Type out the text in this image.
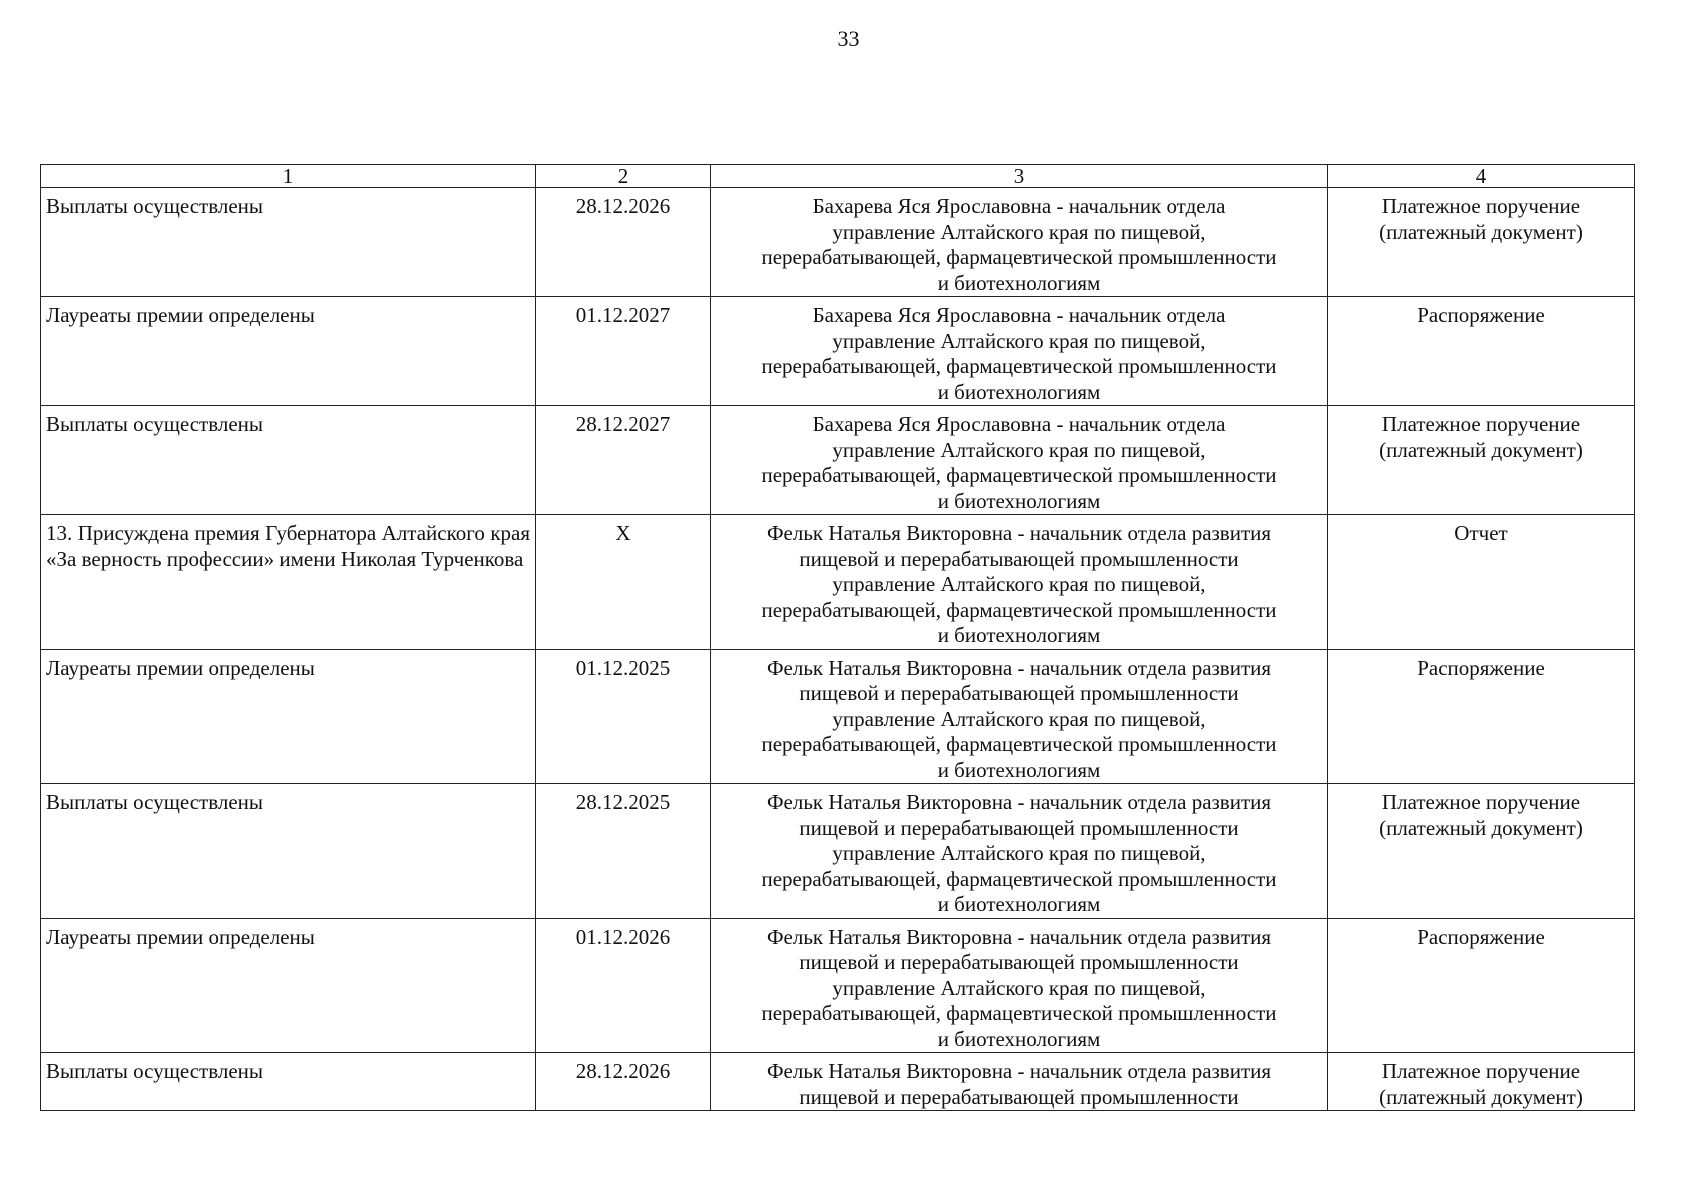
33
1	2	3	4

Выплаты осуществлены	28.12.2026	Бахарева Яся Ярославовна - начальник отдела
управление Алтайского края по пищевой,
перерабатывающей, фармацевтической промышленности
и биотехнологиям	Платежное поручение
(платежный документ)

Лауреаты премии определены	01.12.2027	Бахарева Яся Ярославовна - начальник отдела
управление Алтайского края по пищевой,
перерабатывающей, фармацевтической промышленности
и биотехнологиям	Распоряжение

Выплаты осуществлены	28.12.2027	Бахарева Яся Ярославовна - начальник отдела
управление Алтайского края по пищевой,
перерабатывающей, фармацевтической промышленности
и биотехнологиям	Платежное поручение
(платежный документ)

13. Присуждена премия Губернатора Алтайского края «За верность профессии» имени Николая Турченкова	X	Фельк Наталья Викторовна - начальник отдела развития
пищевой и перерабатывающей промышленности
управление Алтайского края по пищевой,
перерабатывающей, фармацевтической промышленности
и биотехнологиям	Отчет

Лауреаты премии определены	01.12.2025	Фельк Наталья Викторовна - начальник отдела развития
пищевой и перерабатывающей промышленности
управление Алтайского края по пищевой,
перерабатывающей, фармацевтической промышленности
и биотехнологиям	Распоряжение

Выплаты осуществлены	28.12.2025	Фельк Наталья Викторовна - начальник отдела развития
пищевой и перерабатывающей промышленности
управление Алтайского края по пищевой,
перерабатывающей, фармацевтической промышленности
и биотехнологиям	Платежное поручение
(платежный документ)

Лауреаты премии определены	01.12.2026	Фельк Наталья Викторовна - начальник отдела развития
пищевой и перерабатывающей промышленности
управление Алтайского края по пищевой,
перерабатывающей, фармацевтической промышленности
и биотехнологиям	Распоряжение

Выплаты осуществлены	28.12.2026	Фельк Наталья Викторовна - начальник отдела развития
пищевой и перерабатывающей промышленности	Платежное поручение
(платежный документ)
